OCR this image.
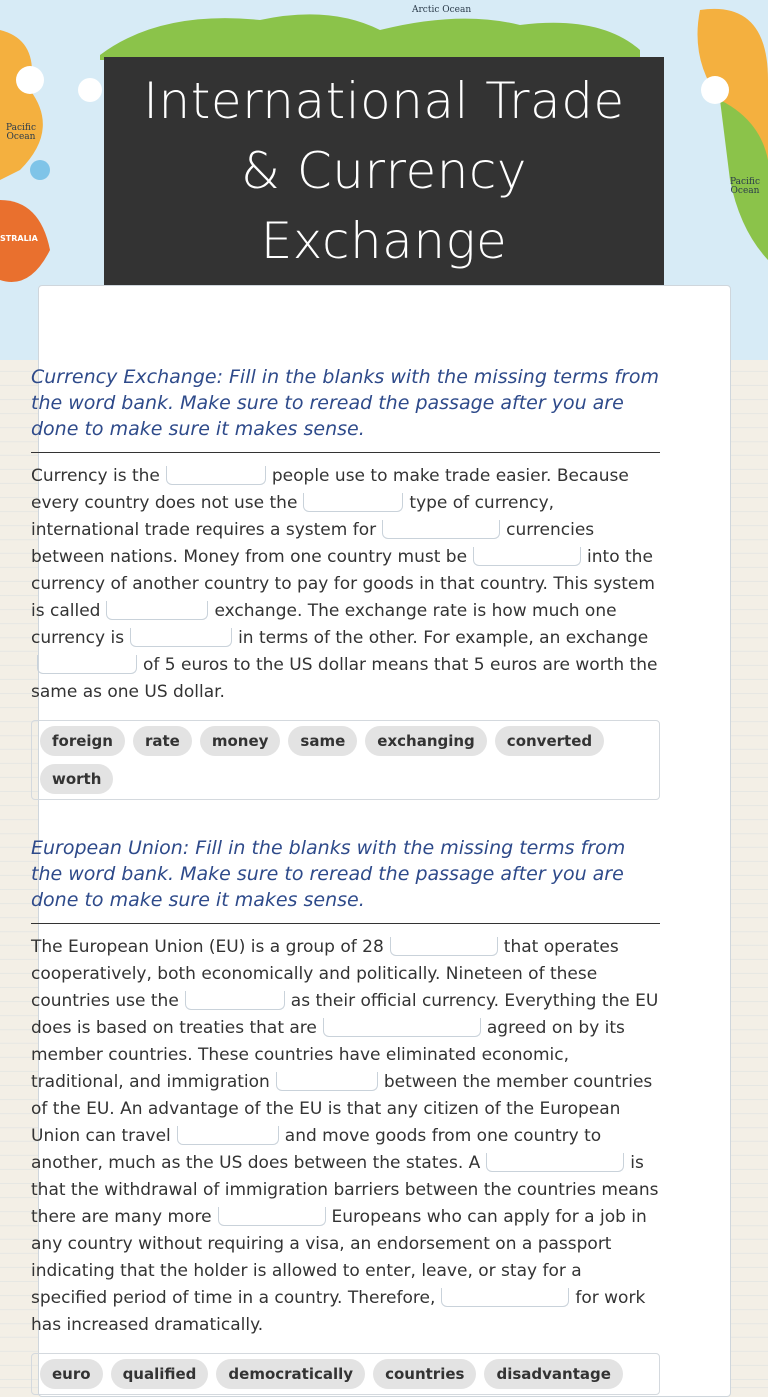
Arctic Ocean
Pacific
Ocean
Pacific
Ocean
STRALIA
International Trade & Currency Exchange
Currency Exchange: Fill in the blanks with the missing terms from the word bank. Make sure to reread the passage after you are done to make sure it makes sense.
Currency is the	people use to make trade easier. Because every country does not use the	type of currency, international trade requires a system for	currencies between nations. Money from one country must be	into the currency of another country to pay for goods in that country. This system is called	exchange. The exchange rate is how much one currency is	in terms of the other. For example, an exchangeof 5 euros to the US dollar means that 5 euros are worth the same as one US dollar.
foreign	rate	money	same	exchanging	converted
worth
European Union: Fill in the blanks with the missing terms from the word bank. Make sure to reread the passage after you are done to make sure it makes sense.
The European Union (EU) is a group of 28	that operates cooperatively, both economically and politically. Nineteen of these countries use the	as their official currency. Everything the EU does is based on treaties that are	agreed on by its member countries. These countries have eliminated economic, traditional, and immigration	between the member countries of the EU. An advantage of the EU is that any citizen of the European Union can travel	and move goods from one country to another, much as the US does between the states. A	is that the withdrawal of immigration barriers between the countries means there are many more	Europeans who can apply for a job in any country without requiring a visa, an endorsement on a passport indicating that the holder is allowed to enter, leave, or stay for a specified period of time in a country. Therefore,	for work has increased dramatically.
euro	qualified	democratically	countries	disadvantage
